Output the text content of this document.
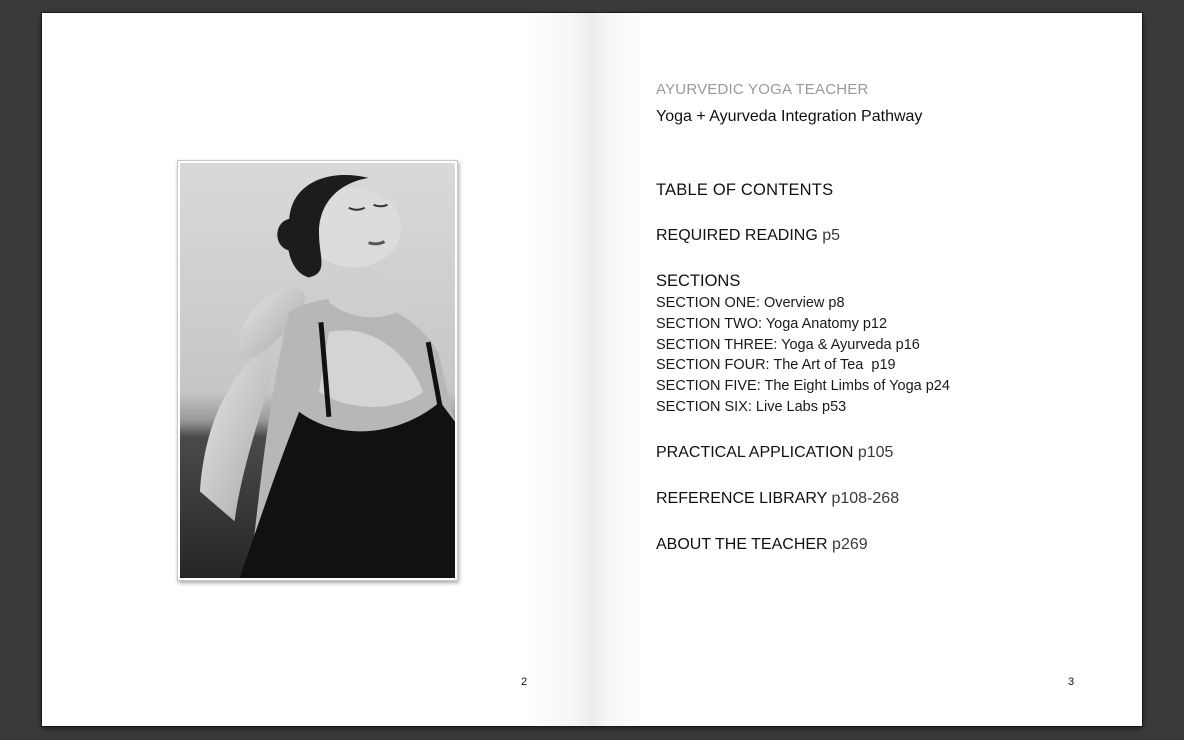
2

AYURVEDIC YOGA TEACHER

Yoga + Ayurveda Integration Pathway

TABLE OF CONTENTS
REQUIRED READING p5
SECTIONS
SECTION ONE: Overview p8
SECTION TWO: Yoga Anatomy p12
SECTION THREE: Yoga & Ayurveda p16
SECTION FOUR: The Art of Tea  p19
SECTION FIVE: The Eight Limbs of Yoga p24
SECTION SIX: Live Labs p53
PRACTICAL APPLICATION p105
REFERENCE LIBRARY p108-268
ABOUT THE TEACHER p269
3
